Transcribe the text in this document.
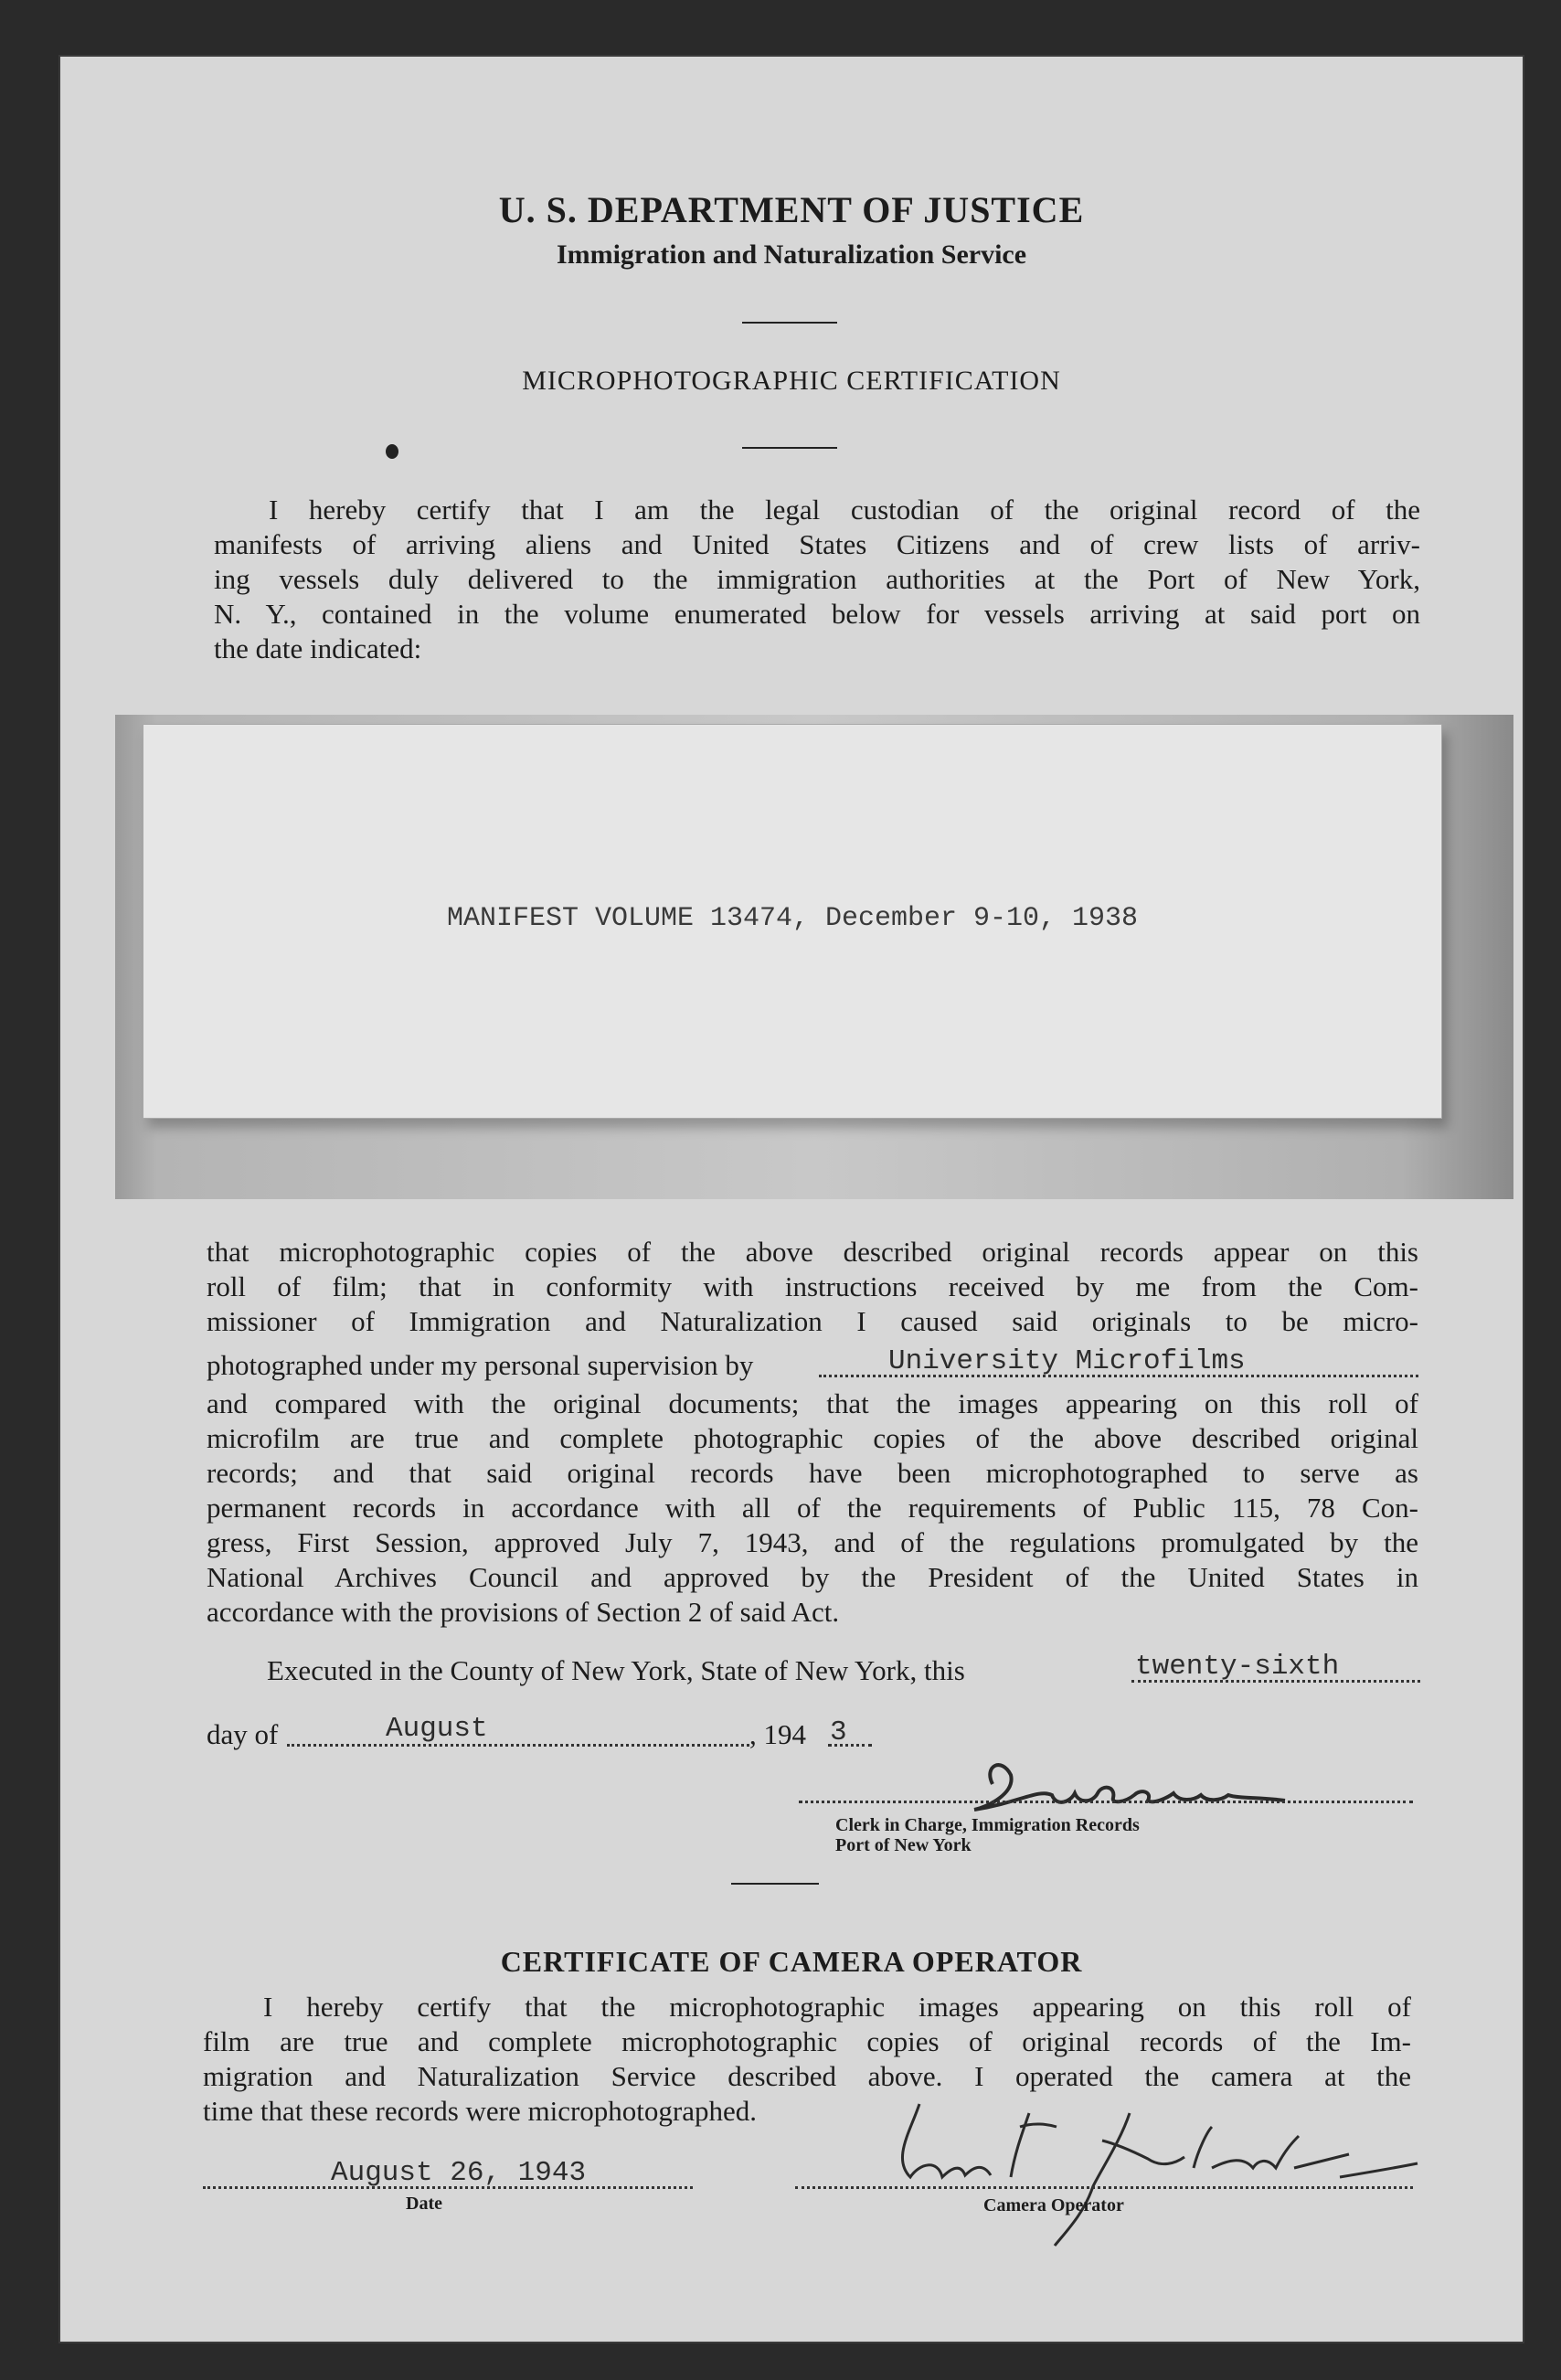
U. S. DEPARTMENT OF JUSTICE
Immigration and Naturalization Service
MICROPHOTOGRAPHIC CERTIFICATION
I hereby certify that I am the legal custodian of the original record of the
manifests of arriving aliens and United States Citizens and of crew lists of arriv-
ing vessels duly delivered to the immigration authorities at the Port of New York,
N. Y., contained in the volume enumerated below for vessels arriving at said port on
the date indicated:
MANIFEST VOLUME 13474, December 9-10, 1938
that microphotographic copies of the above described original records appear on this
roll of film; that in conformity with instructions received by me from the Com-
missioner of Immigration and Naturalization I caused said originals to be micro-
photographed under my personal supervision by	University Microfilms
and compared with the original documents; that the images appearing on this roll of
microfilm are true and complete photographic copies of the above described original
records; and that said original records have been microphotographed to serve as
permanent records in accordance with all of the requirements of Public 115, 78 Con-
gress, First Session, approved July 7, 1943, and of the regulations promulgated by the
National Archives Council and approved by the President of the United States in
accordance with the provisions of Section 2 of said Act.
Executed in the County of New York, State of New York, this	twenty-sixth
day of	August	, 194 3
Clerk in Charge, Immigration Records
Port of New York
CERTIFICATE OF CAMERA OPERATOR
I hereby certify that the microphotographic images appearing on this roll of
film are true and complete microphotographic copies of original records of the Im-
migration and Naturalization Service described above. I operated the camera at the
time that these records were microphotographed.
August 26, 1943
Date	Camera Operator
